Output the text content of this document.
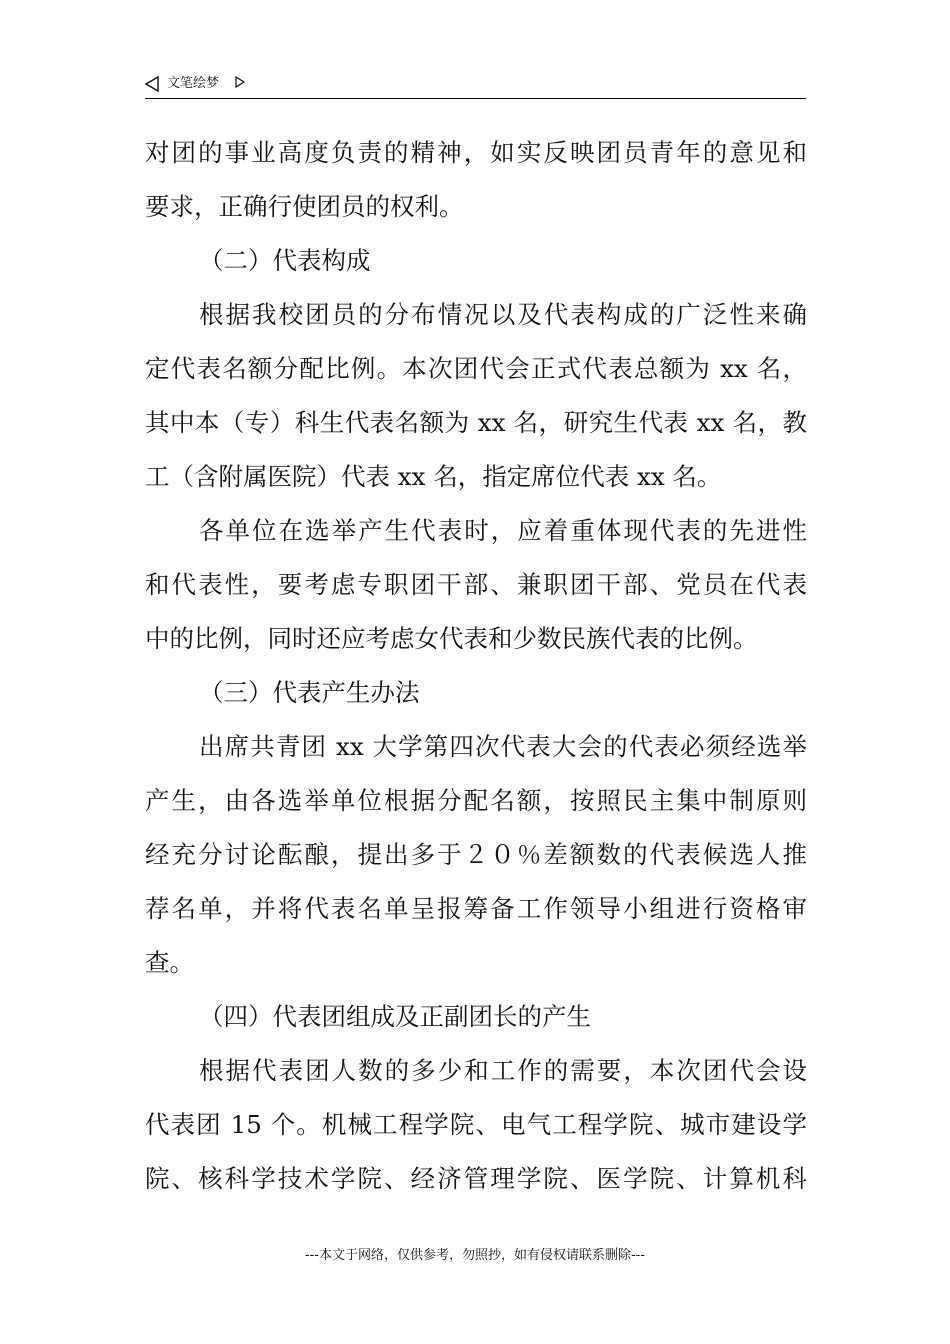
文笔绘梦
对团的事业高度负责的精神，如实反映团员青年的意见和
要求，正确行使团员的权利。
（二）代表构成
根据我校团员的分布情况以及代表构成的广泛性来确
定代表名额分配比例。本次团代会正式代表总额为 xx 名，
其中本（专）科生代表名额为 xx 名，研究生代表 xx 名，教
工（含附属医院）代表 xx 名，指定席位代表 xx 名。
各单位在选举产生代表时，应着重体现代表的先进性
和代表性，要考虑专职团干部、兼职团干部、党员在代表
中的比例，同时还应考虑女代表和少数民族代表的比例。
（三）代表产生办法
出席共青团 xx 大学第四次代表大会的代表必须经选举
产生，由各选举单位根据分配名额，按照民主集中制原则
经充分讨论酝酿，提出多于２０％差额数的代表候选人推
荐名单，并将代表名单呈报筹备工作领导小组进行资格审
查。
（四）代表团组成及正副团长的产生
根据代表团人数的多少和工作的需要，本次团代会设
代表团 15 个。机械工程学院、电气工程学院、城市建设学
院、核科学技术学院、经济管理学院、医学院、计算机科
---本文于网络，仅供参考，勿照抄，如有侵权请联系删除---
